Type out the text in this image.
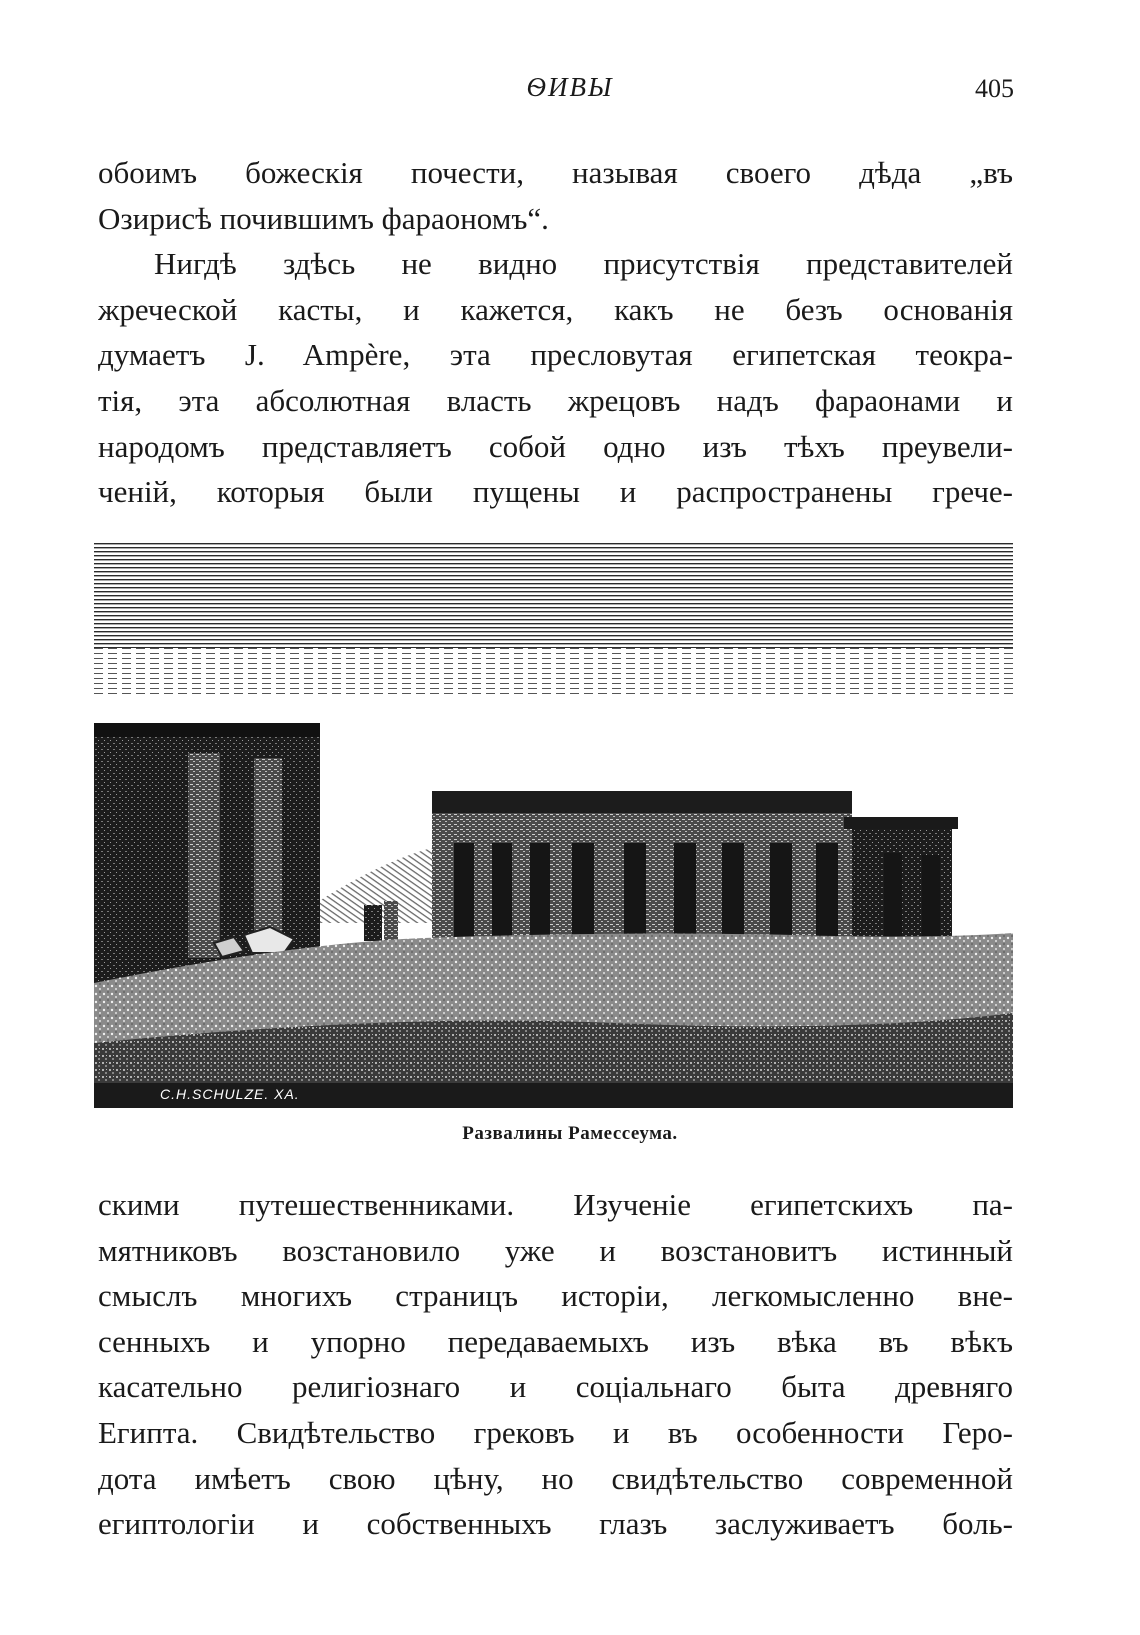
ѲИВЫ	405
обоимъ божескія почести, называя своего дѣда „въ
Озирисѣ почившимъ фараономъ“.
Нигдѣ здѣсь не видно присутствія представителей
жреческой касты, и кажется, какъ не безъ основанія
думаетъ J. Ampère, эта пресловутая египетская теокра-
тія, эта абсолютная власть жрецовъ надъ фараонами и
народомъ представляетъ собой одно изъ тѣхъ преувели-
ченій, которыя были пущены и распространены грече-
C.H.SCHULZE. XA.
Развалины Рамессеума.
скими путешественниками. Изученіе египетскихъ па-
мятниковъ возстановило уже и возстановитъ истинный
смыслъ многихъ страницъ исторіи, легкомысленно вне-
сенныхъ и упорно передаваемыхъ изъ вѣка въ вѣкъ
касательно религіознаго и соціальнаго быта древняго
Египта. Свидѣтельство грековъ и въ особенности Геро-
дота имѣетъ свою цѣну, но свидѣтельство современной
египтологіи и собственныхъ глазъ заслуживаетъ боль-
